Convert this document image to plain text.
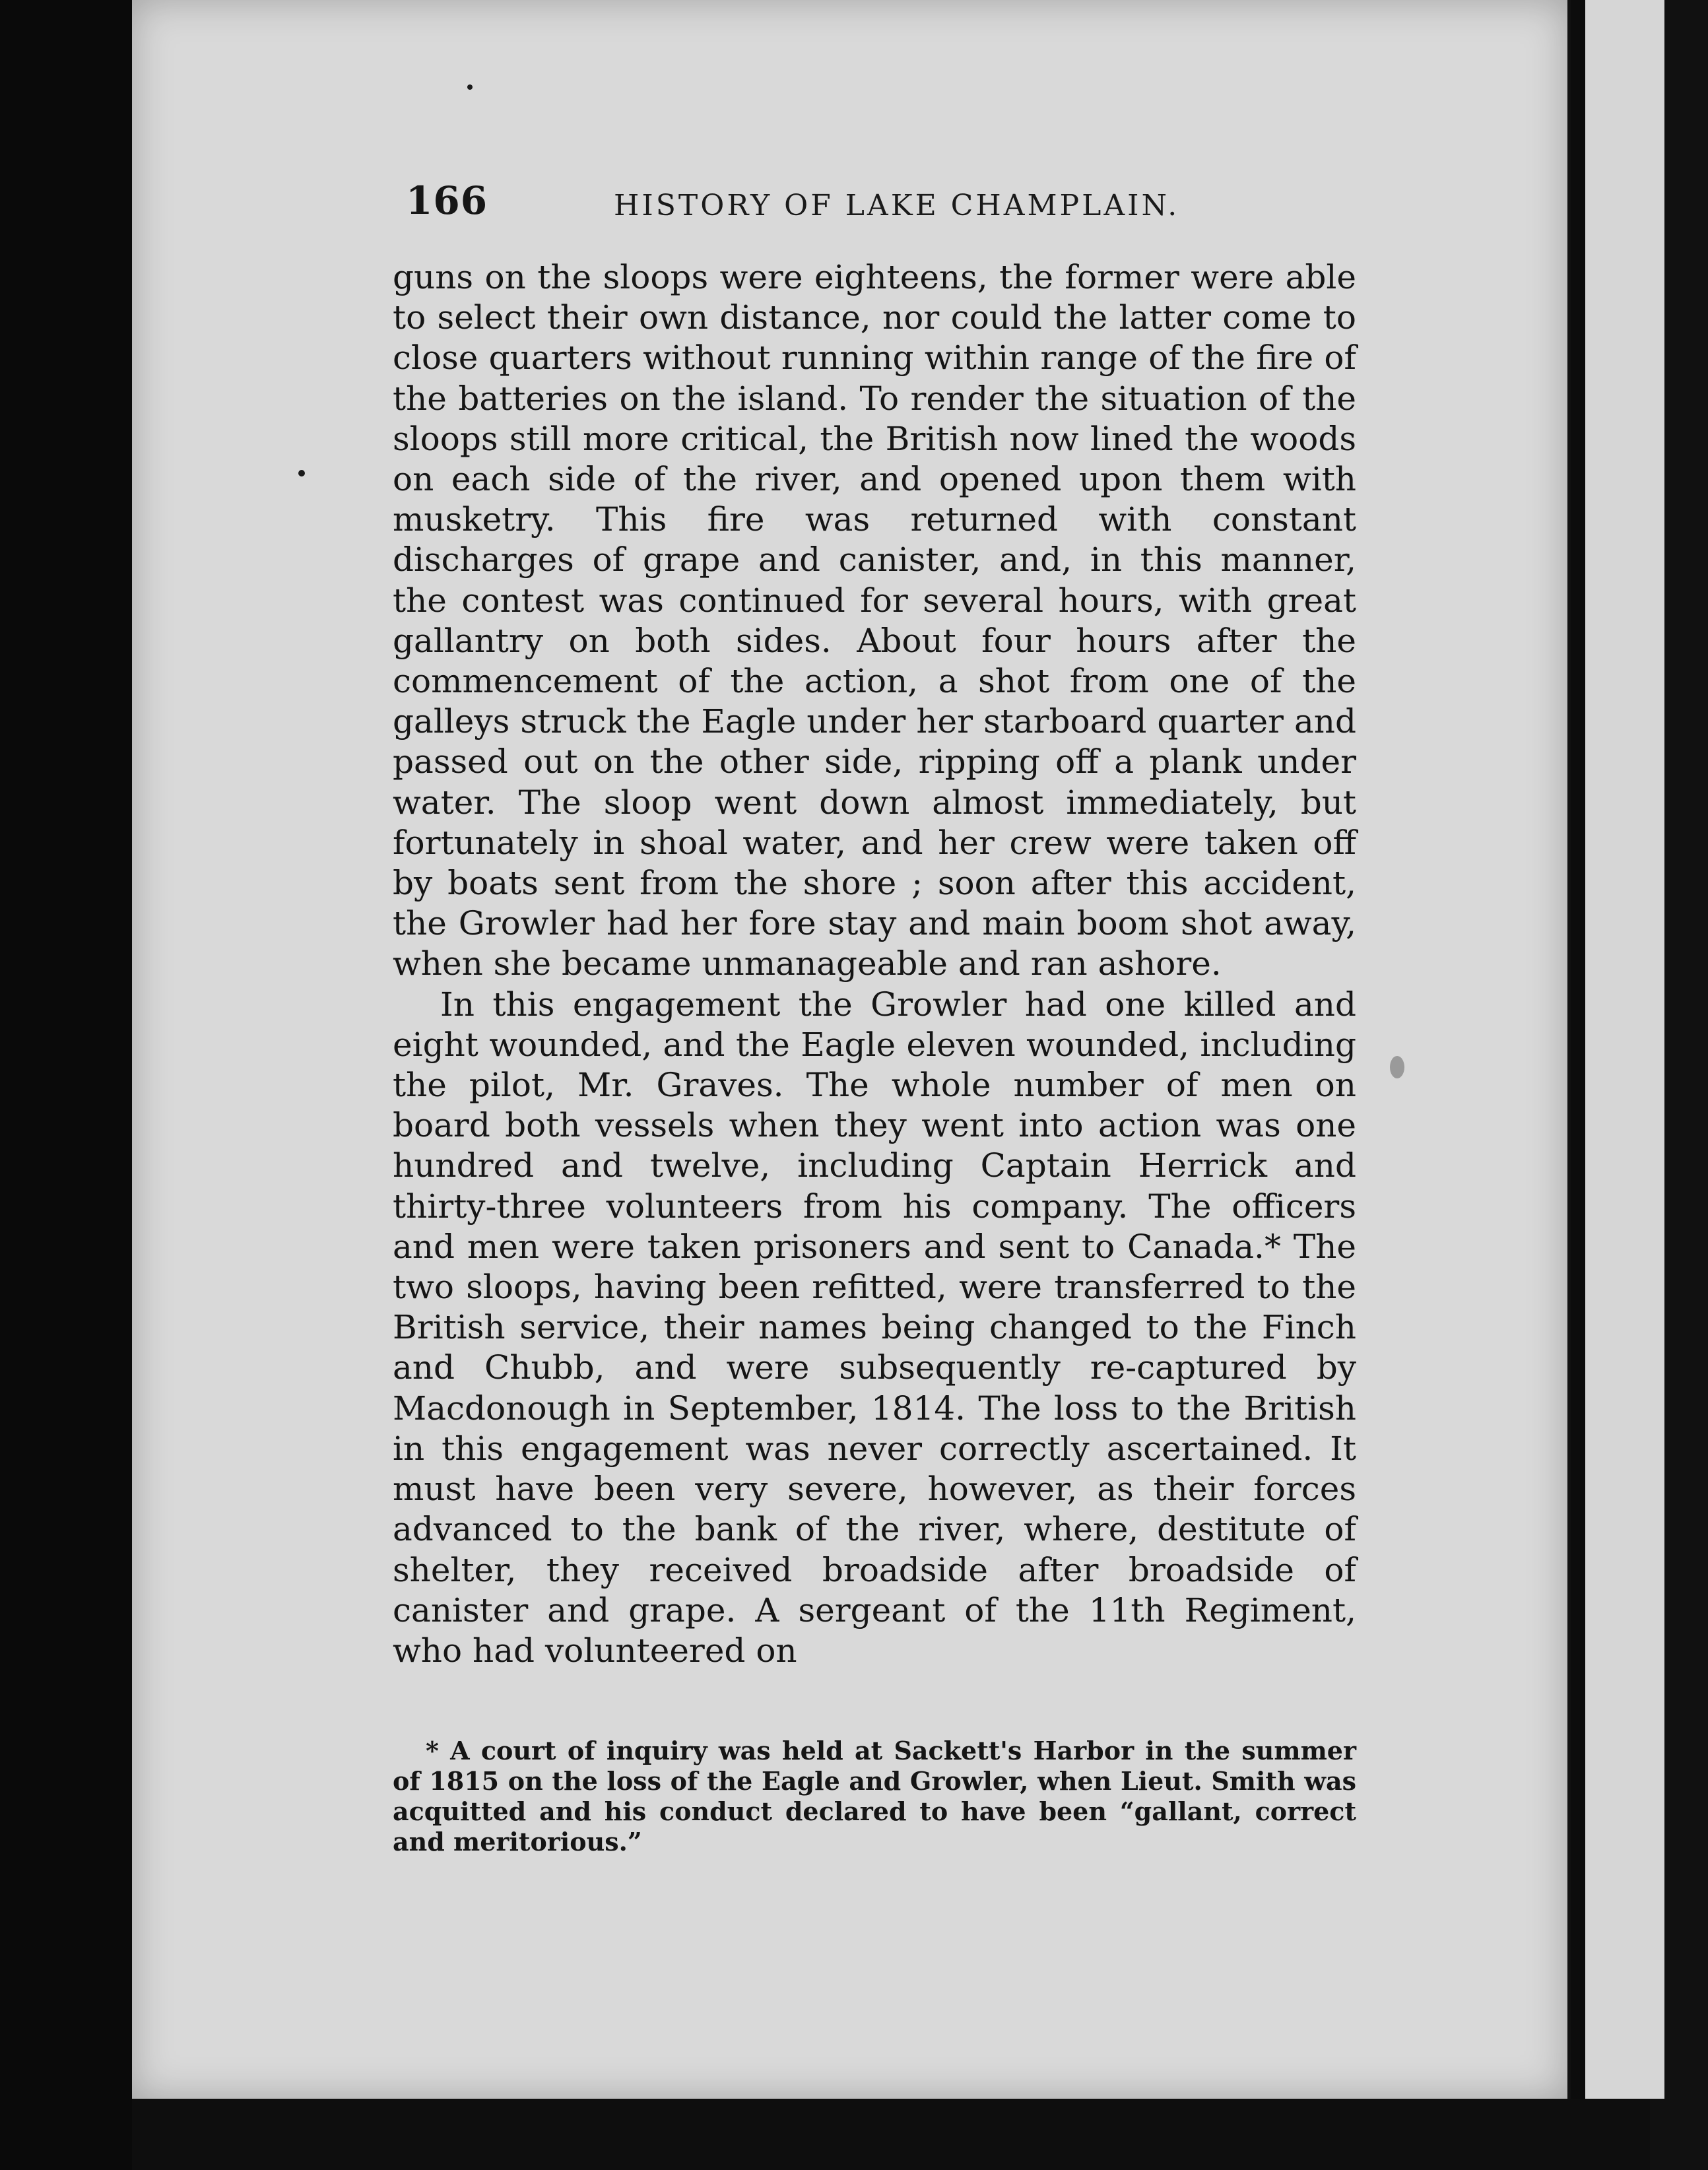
166	HISTORY OF LAKE CHAMPLAIN.

guns on the sloops were eighteens, the former were able to select their own distance, nor could the latter come to close quarters without running within range of the fire of the batteries on the island. To render the situation of the sloops still more critical, the British now lined the woods on each side of the river, and opened upon them with musketry. This fire was returned with constant discharges of grape and canister, and, in this manner, the contest was continued for several hours, with great gallantry on both sides. About four hours after the commencement of the action, a shot from one of the galleys struck the Eagle under her starboard quarter and passed out on the other side, ripping off a plank under water. The sloop went down almost immediately, but fortunately in shoal water, and her crew were taken off by boats sent from the shore ; soon after this accident, the Growler had her fore stay and main boom shot away, when she became unmanageable and ran ashore.

In this engagement the Growler had one killed and eight wounded, and the Eagle eleven wounded, including the pilot, Mr. Graves. The whole number of men on board both vessels when they went into action was one hundred and twelve, including Captain Herrick and thirty-three volunteers from his company. The officers and men were taken prisoners and sent to Canada.* The two sloops, having been refitted, were transferred to the British service, their names being changed to the Finch and Chubb, and were subsequently re-captured by Macdonough in September, 1814. The loss to the British in this engagement was never correctly ascertained. It must have been very severe, however, as their forces advanced to the bank of the river, where, destitute of shelter, they received broadside after broadside of canister and grape. A sergeant of the 11th Regiment, who had volunteered on

* A court of inquiry was held at Sackett's Harbor in the summer of 1815 on the loss of the Eagle and Growler, when Lieut. Smith was acquitted and his conduct declared to have been “gallant, correct and meritorious.”
